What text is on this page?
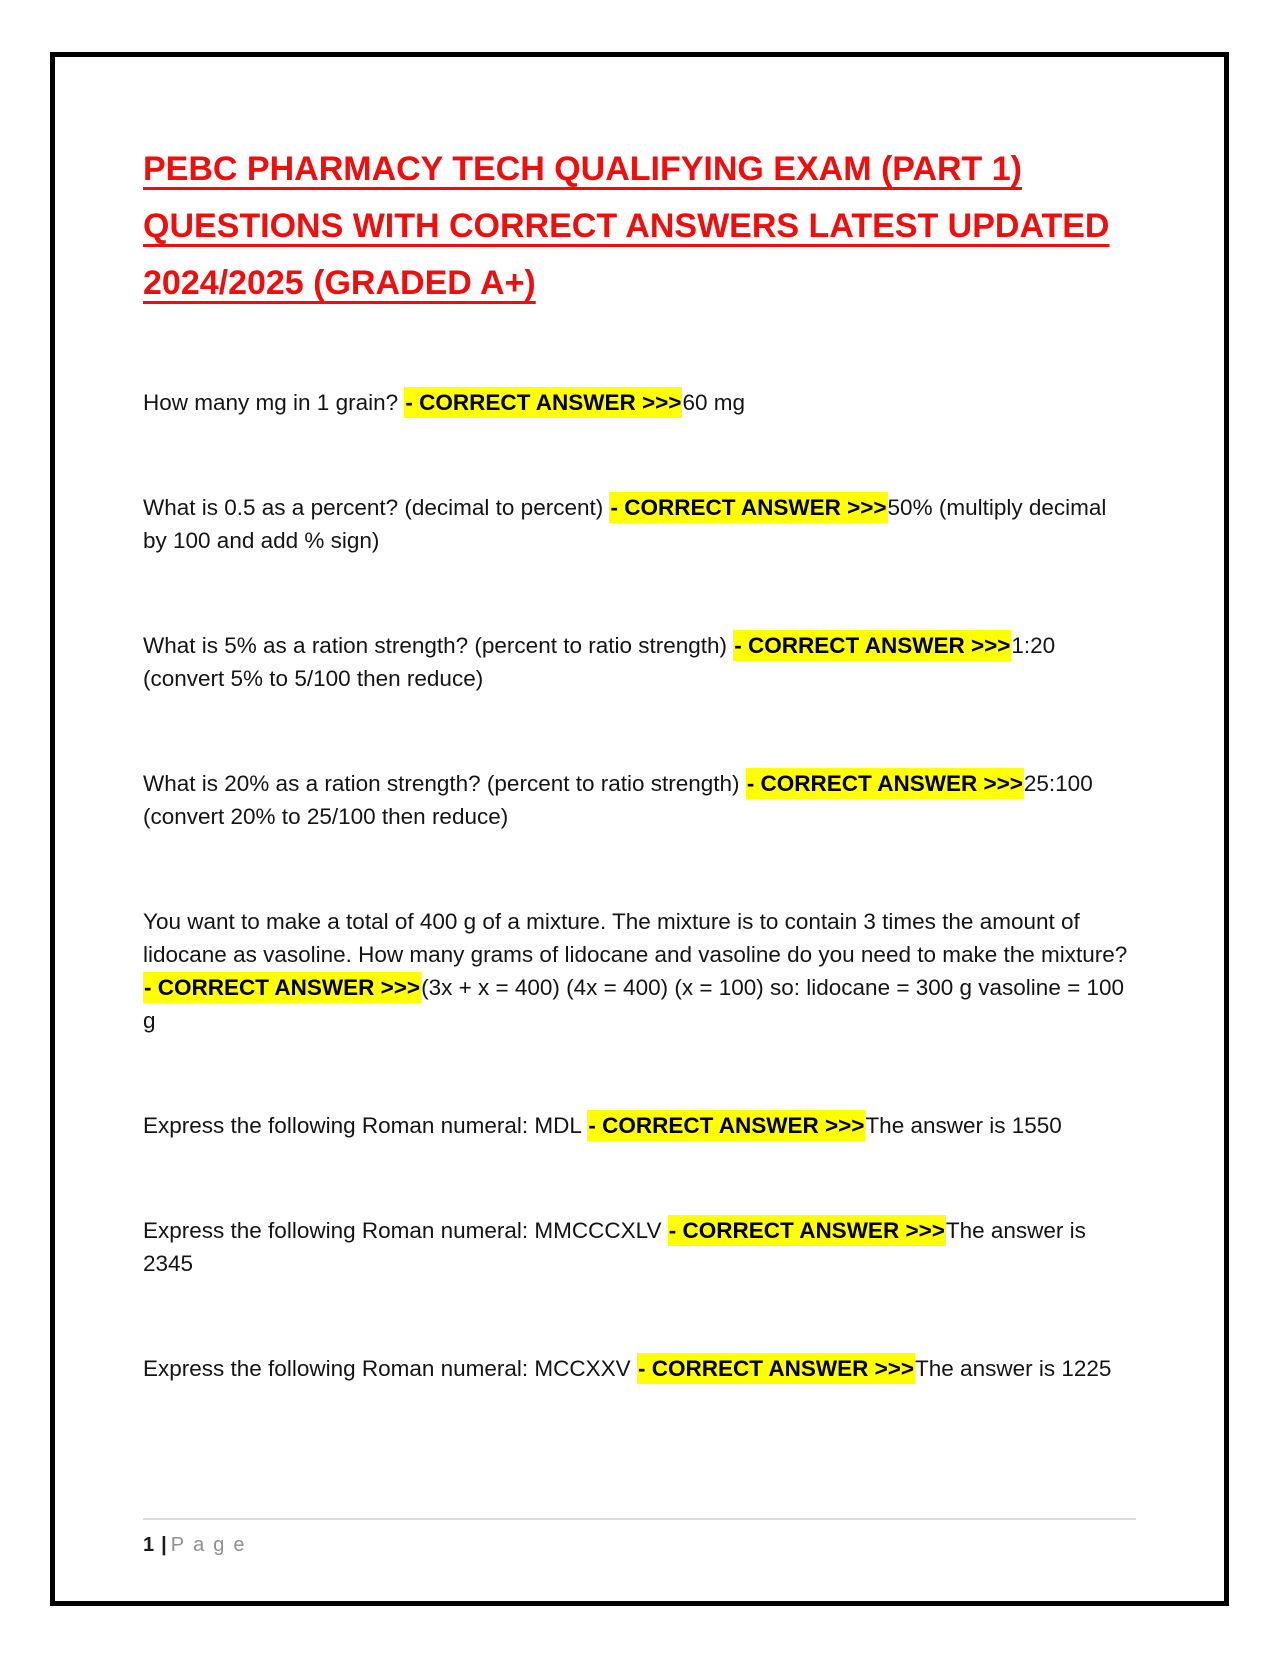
PEBC PHARMACY TECH QUALIFYING EXAM (PART 1)
QUESTIONS WITH CORRECT ANSWERS LATEST UPDATED
2024/2025 (GRADED A+)

How many mg in 1 grain? - CORRECT ANSWER >>>60 mg

What is 0.5 as a percent? (decimal to percent) - CORRECT ANSWER >>>50% (multiply decimal by 100 and add % sign)

What is 5% as a ration strength? (percent to ratio strength) - CORRECT ANSWER >>>1:20 (convert 5% to 5/100 then reduce)

What is 20% as a ration strength? (percent to ratio strength) - CORRECT ANSWER >>>25:100 (convert 20% to 25/100 then reduce)

You want to make a total of 400 g of a mixture. The mixture is to contain 3 times the amount of lidocane as vasoline. How many grams of lidocane and vasoline do you need to make the mixture? - CORRECT ANSWER >>>(3x + x = 400) (4x = 400) (x = 100) so: lidocane = 300 g vasoline = 100 g

Express the following Roman numeral: MDL - CORRECT ANSWER >>>The answer is 1550

Express the following Roman numeral: MMCCCXLV - CORRECT ANSWER >>>The answer is 2345

Express the following Roman numeral: MCCXXV - CORRECT ANSWER >>>The answer is 1225

1 | Page
